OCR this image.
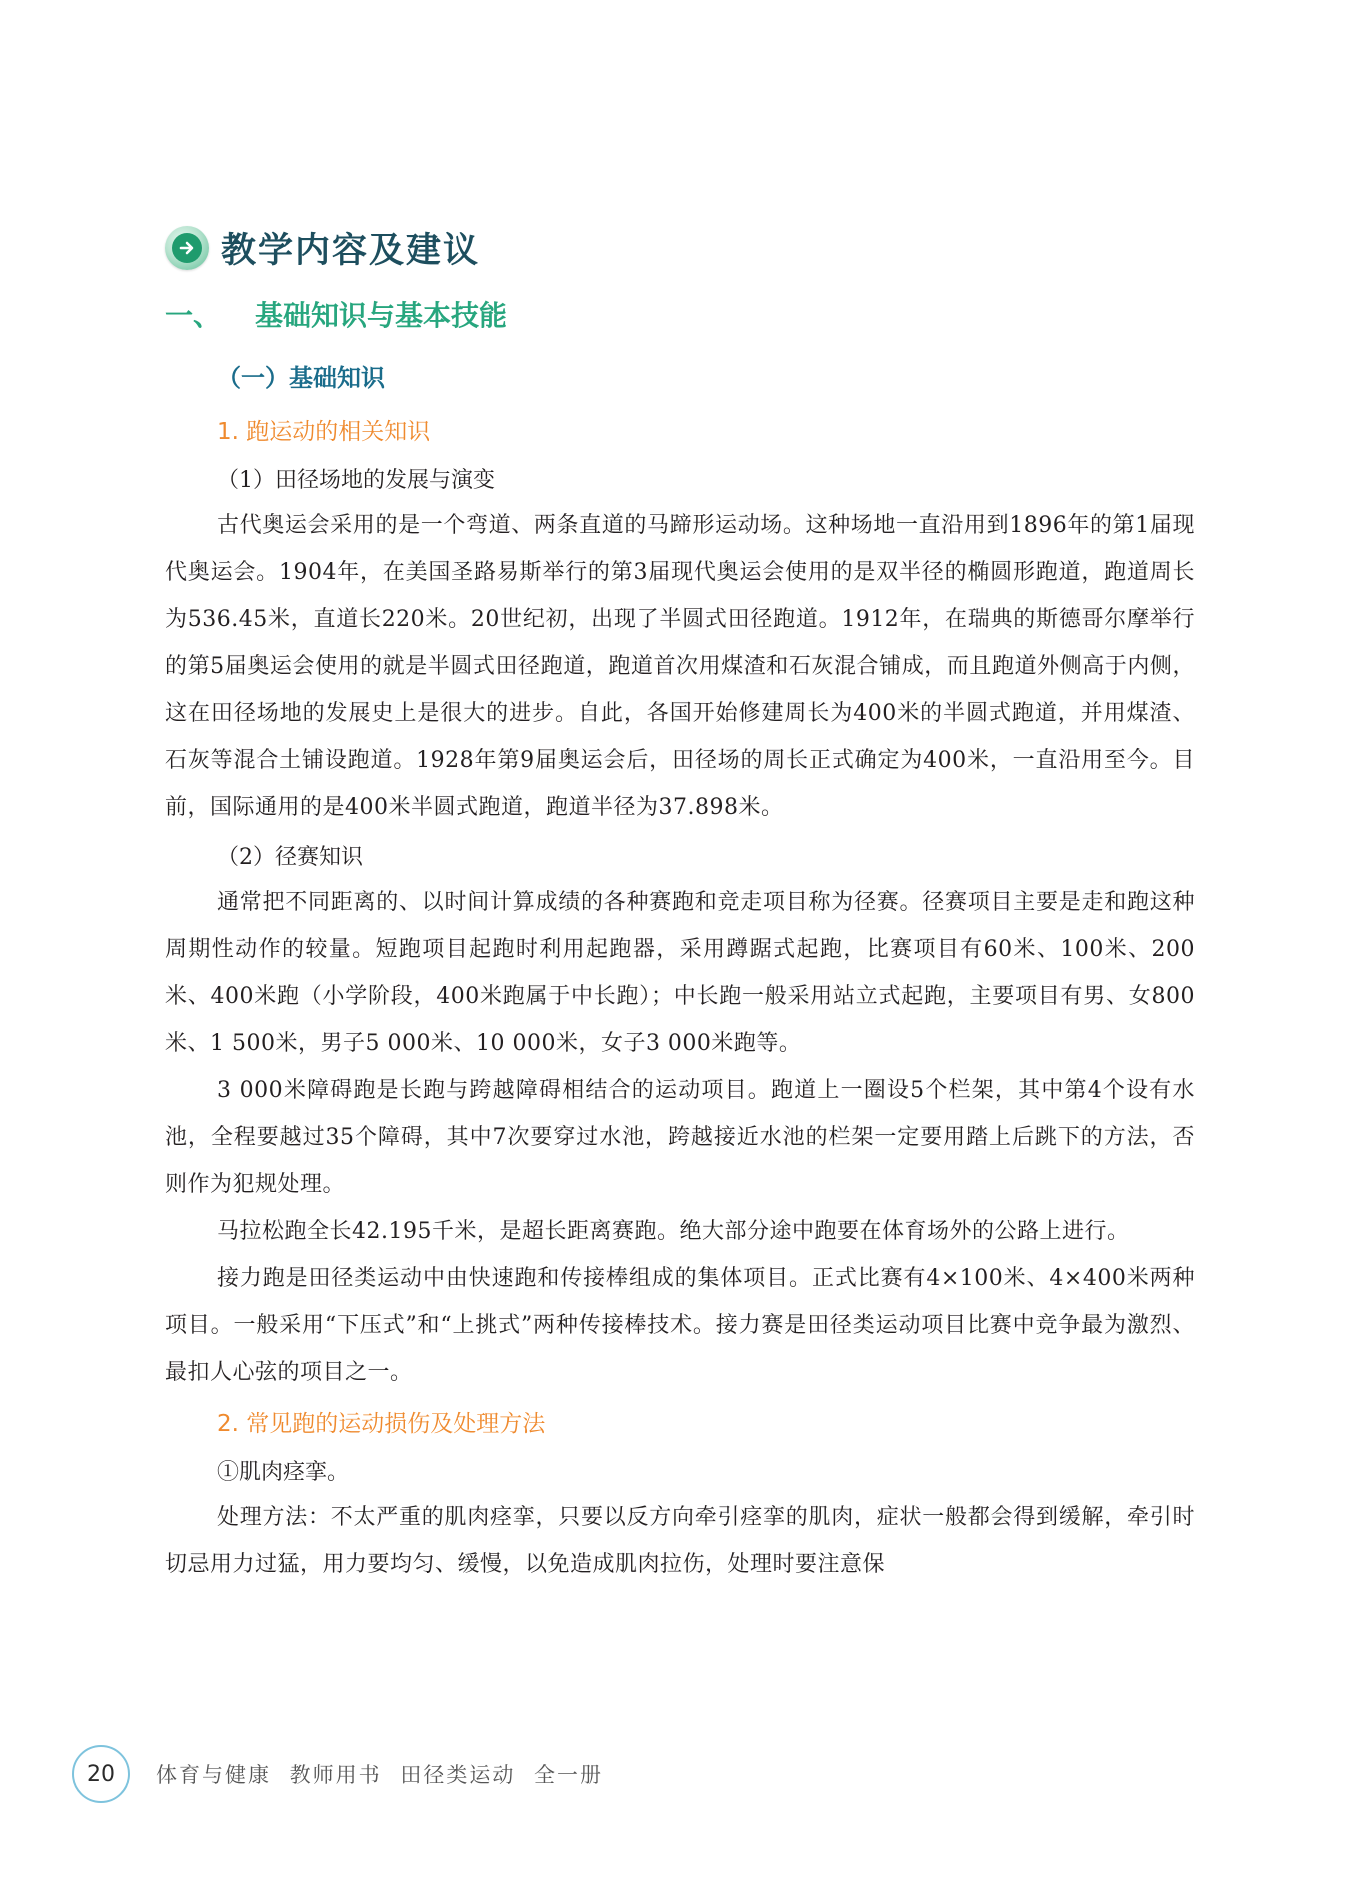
教学内容及建议
一、 基础知识与基本技能
（一）基础知识
1. 跑运动的相关知识
（1）田径场地的发展与演变

古代奥运会采用的是一个弯道、两条直道的马蹄形运动场。这种场地一直沿用到1896年的第1届现代奥运会。1904年，在美国圣路易斯举行的第3届现代奥运会使用的是双半径的椭圆形跑道，跑道周长为536.45米，直道长220米。20世纪初，出现了半圆式田径跑道。1912年，在瑞典的斯德哥尔摩举行的第5届奥运会使用的就是半圆式田径跑道，跑道首次用煤渣和石灰混合铺成，而且跑道外侧高于内侧，这在田径场地的发展史上是很大的进步。自此，各国开始修建周长为400米的半圆式跑道，并用煤渣、石灰等混合土铺设跑道。1928年第9届奥运会后，田径场的周长正式确定为400米，一直沿用至今。目前，国际通用的是400米半圆式跑道，跑道半径为37.898米。

（2）径赛知识

通常把不同距离的、以时间计算成绩的各种赛跑和竞走项目称为径赛。径赛项目主要是走和跑这种周期性动作的较量。短跑项目起跑时利用起跑器，采用蹲踞式起跑，比赛项目有60米、100米、200米、400米跑（小学阶段，400米跑属于中长跑）；中长跑一般采用站立式起跑，主要项目有男、女800米、1 500米，男子5 000米、10 000米，女子3 000米跑等。

3 000米障碍跑是长跑与跨越障碍相结合的运动项目。跑道上一圈设5个栏架，其中第4个设有水池，全程要越过35个障碍，其中7次要穿过水池，跨越接近水池的栏架一定要用踏上后跳下的方法，否则作为犯规处理。

马拉松跑全长42.195千米，是超长距离赛跑。绝大部分途中跑要在体育场外的公路上进行。

接力跑是田径类运动中由快速跑和传接棒组成的集体项目。正式比赛有4×100米、4×400米两种项目。一般采用“下压式”和“上挑式”两种传接棒技术。接力赛是田径类运动项目比赛中竞争最为激烈、最扣人心弦的项目之一。

2. 常见跑的运动损伤及处理方法
①肌肉痉挛。

处理方法：不太严重的肌肉痉挛，只要以反方向牵引痉挛的肌肉，症状一般都会得到缓解，牵引时切忌用力过猛，用力要均匀、缓慢，以免造成肌肉拉伤，处理时要注意保

20	体育与健康 教师用书 田径类运动 全一册
